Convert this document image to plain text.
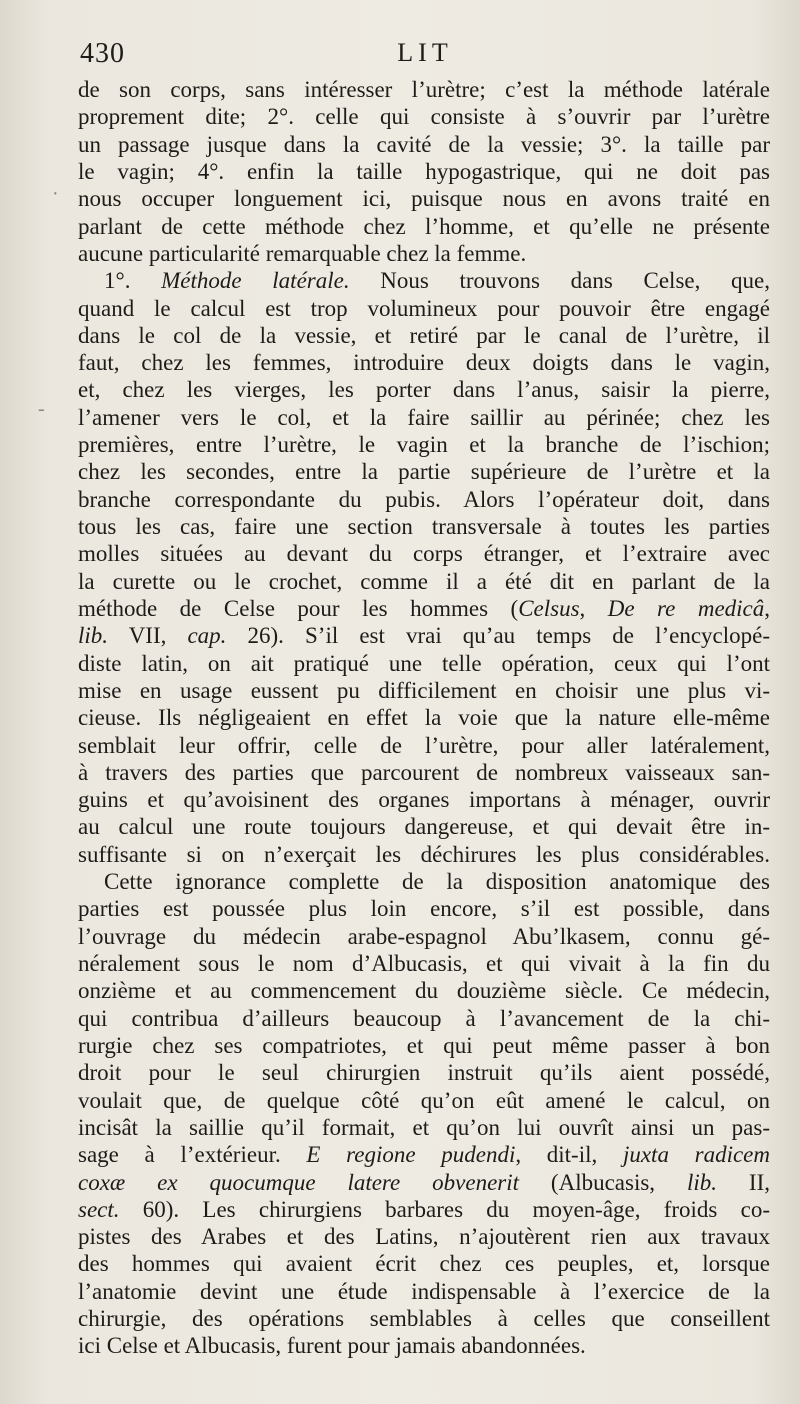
430	LIT
-
·
de son corps, sans intéresser l’urètre; c’est la méthode latérale
proprement dite; 2°. celle qui consiste à s’ouvrir par l’urètre
un passage jusque dans la cavité de la vessie; 3°. la taille par
le vagin; 4°. enfin la taille hypogastrique, qui ne doit pas
nous occuper longuement ici, puisque nous en avons traité en
parlant de cette méthode chez l’homme, et qu’elle ne présente
aucune particularité remarquable chez la femme.
1°. Méthode latérale. Nous trouvons dans Celse, que,
quand le calcul est trop volumineux pour pouvoir être engagé
dans le col de la vessie, et retiré par le canal de l’urètre, il
faut, chez les femmes, introduire deux doigts dans le vagin,
et, chez les vierges, les porter dans l’anus, saisir la pierre,
l’amener vers le col, et la faire saillir au périnée; chez les
premières, entre l’urètre, le vagin et la branche de l’ischion;
chez les secondes, entre la partie supérieure de l’urètre et la
branche correspondante du pubis. Alors l’opérateur doit, dans
tous les cas, faire une section transversale à toutes les parties
molles situées au devant du corps étranger, et l’extraire avec
la curette ou le crochet, comme il a été dit en parlant de la
méthode de Celse pour les hommes (Celsus, De re medicâ,
lib. VII, cap. 26). S’il est vrai qu’au temps de l’encyclopé-
diste latin, on ait pratiqué une telle opération, ceux qui l’ont
mise en usage eussent pu difficilement en choisir une plus vi-
cieuse. Ils négligeaient en effet la voie que la nature elle-même
semblait leur offrir, celle de l’urètre, pour aller latéralement,
à travers des parties que parcourent de nombreux vaisseaux san-
guins et qu’avoisinent des organes importans à ménager, ouvrir
au calcul une route toujours dangereuse, et qui devait être in-
suffisante si on n’exerçait les déchirures les plus considérables.
Cette ignorance complette de la disposition anatomique des
parties est poussée plus loin encore, s’il est possible, dans
l’ouvrage du médecin arabe-espagnol Abu’lkasem, connu gé-
néralement sous le nom d’Albucasis, et qui vivait à la fin du
onzième et au commencement du douzième siècle. Ce médecin,
qui contribua d’ailleurs beaucoup à l’avancement de la chi-
rurgie chez ses compatriotes, et qui peut même passer à bon
droit pour le seul chirurgien instruit qu’ils aient possédé,
voulait que, de quelque côté qu’on eût amené le calcul, on
incisât la saillie qu’il formait, et qu’on lui ouvrît ainsi un pas-
sage à l’extérieur. E regione pudendi, dit-il, juxta radicem
coxæ ex quocumque latere obvenerit (Albucasis, lib. II,
sect. 60). Les chirurgiens barbares du moyen-âge, froids co-
pistes des Arabes et des Latins, n’ajoutèrent rien aux travaux
des hommes qui avaient écrit chez ces peuples, et, lorsque
l’anatomie devint une étude indispensable à l’exercice de la
chirurgie, des opérations semblables à celles que conseillent
ici Celse et Albucasis, furent pour jamais abandonnées.
